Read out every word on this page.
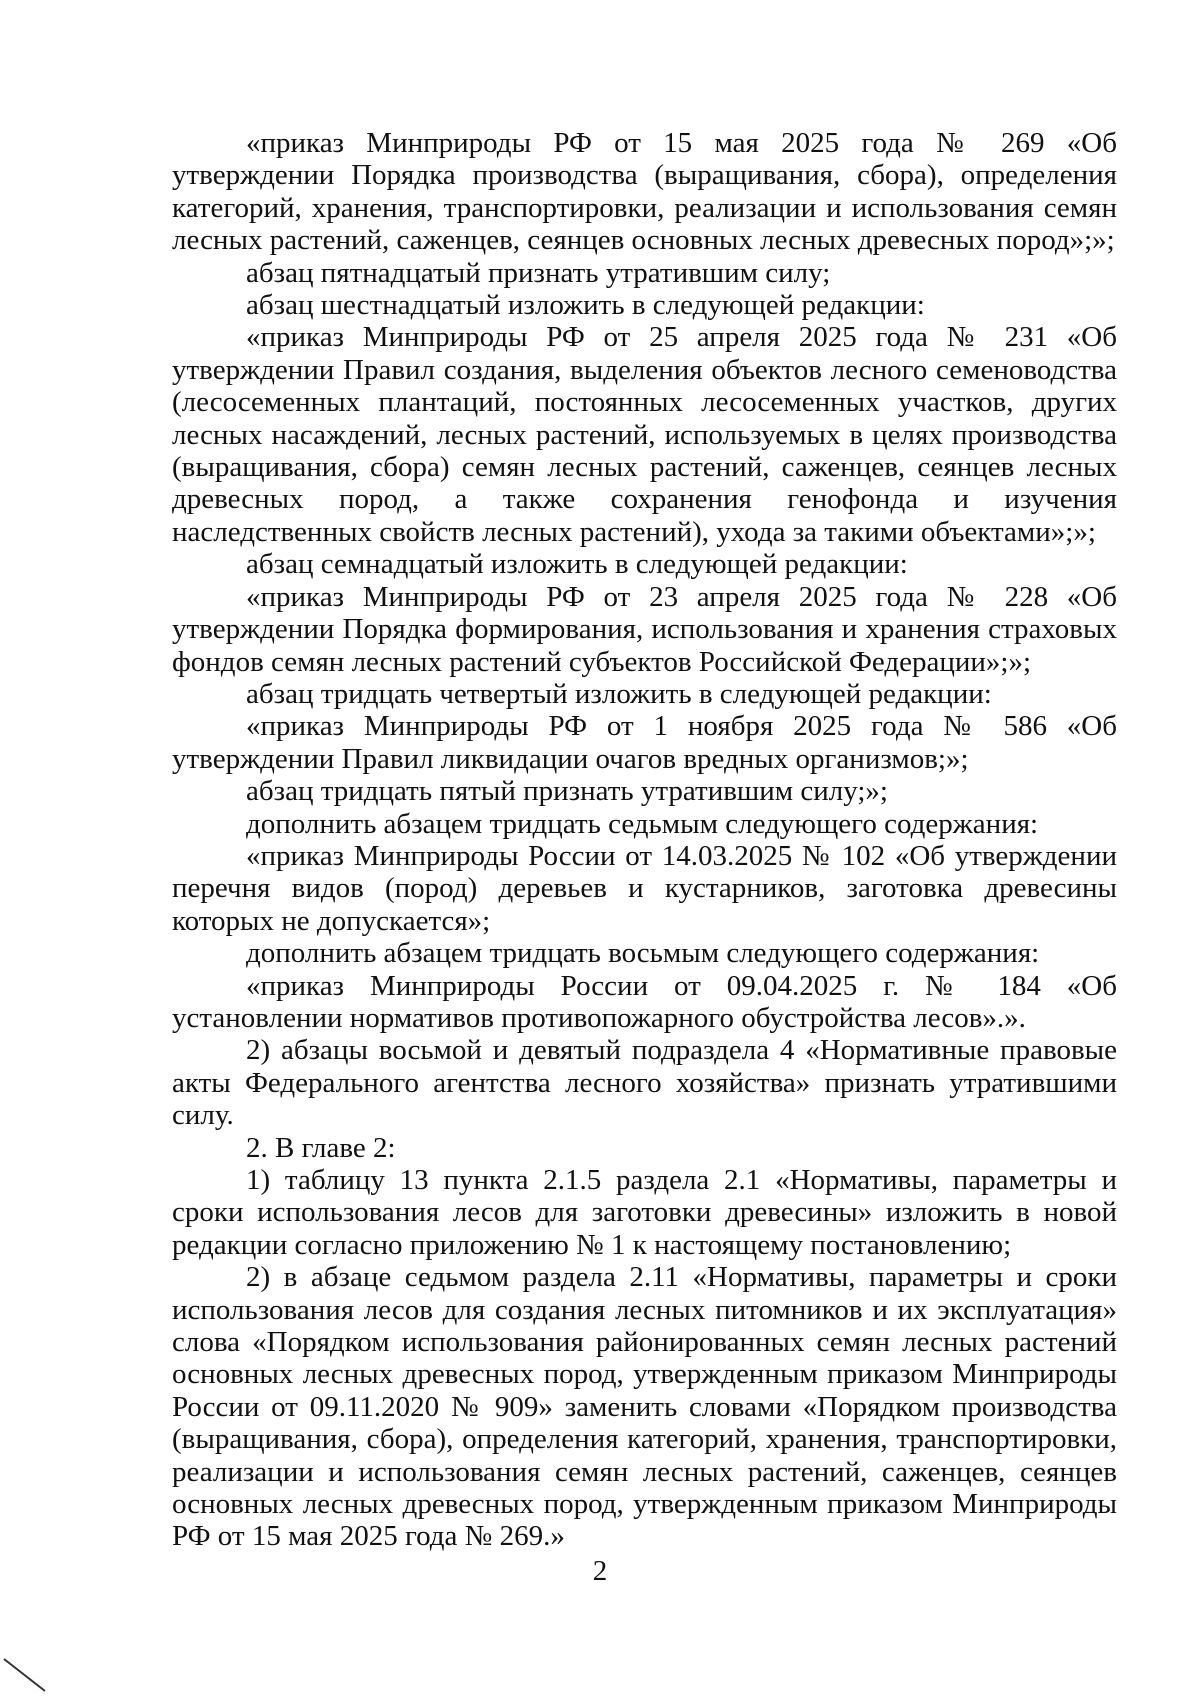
«приказ Минприроды РФ от 15 мая 2025 года № 269 «Об утверждении Порядка производства (выращивания, сбора), определения категорий, хранения, транспортировки, реализации и использования семян лесных растений, саженцев, сеянцев основных лесных древесных пород»;»;

абзац пятнадцатый признать утратившим силу;

абзац шестнадцатый изложить в следующей редакции:

«приказ Минприроды РФ от 25 апреля 2025 года № 231 «Об утверждении Правил создания, выделения объектов лесного семеноводства (лесосеменных плантаций, постоянных лесосеменных участков, других лесных насаждений, лесных растений, используемых в целях производства (выращивания, сбора) семян лесных растений, саженцев, сеянцев лесных древесных пород, а также сохранения генофонда и изучения наследственных свойств лесных растений), ухода за такими объектами»;»;

абзац семнадцатый изложить в следующей редакции:

«приказ Минприроды РФ от 23 апреля 2025 года № 228 «Об утверждении Порядка формирования, использования и хранения страховых фондов семян лесных растений субъектов Российской Федерации»;»;

абзац тридцать четвертый изложить в следующей редакции:

«приказ Минприроды РФ от 1 ноября 2025 года № 586 «Об утверждении Правил ликвидации очагов вредных организмов;»;

абзац тридцать пятый признать утратившим силу;»;

дополнить абзацем тридцать седьмым следующего содержания:

«приказ Минприроды России от 14.03.2025 № 102 «Об утверждении перечня видов (пород) деревьев и кустарников, заготовка древесины которых не допускается»;

дополнить абзацем тридцать восьмым следующего содержания:

«приказ Минприроды России от 09.04.2025 г. № 184 «Об установлении нормативов противопожарного обустройства лесов».».

2) абзацы восьмой и девятый подраздела 4 «Нормативные правовые акты Федерального агентства лесного хозяйства» признать утратившими силу.

2. В главе 2:

1) таблицу 13 пункта 2.1.5 раздела 2.1 «Нормативы, параметры и сроки использования лесов для заготовки древесины» изложить в новой редакции согласно приложению № 1 к настоящему постановлению;

2) в абзаце седьмом раздела 2.11 «Нормативы, параметры и сроки использования лесов для создания лесных питомников и их эксплуатация» слова «Порядком использования районированных семян лесных растений основных лесных древесных пород, утвержденным приказом Минприроды России от 09.11.2020 № 909» заменить словами «Порядком производства (выращивания, сбора), определения категорий, хранения, транспортировки, реализации и использования семян лесных растений, саженцев, сеянцев основных лесных древесных пород, утвержденным приказом Минприроды РФ от 15 мая 2025 года № 269.»

2
